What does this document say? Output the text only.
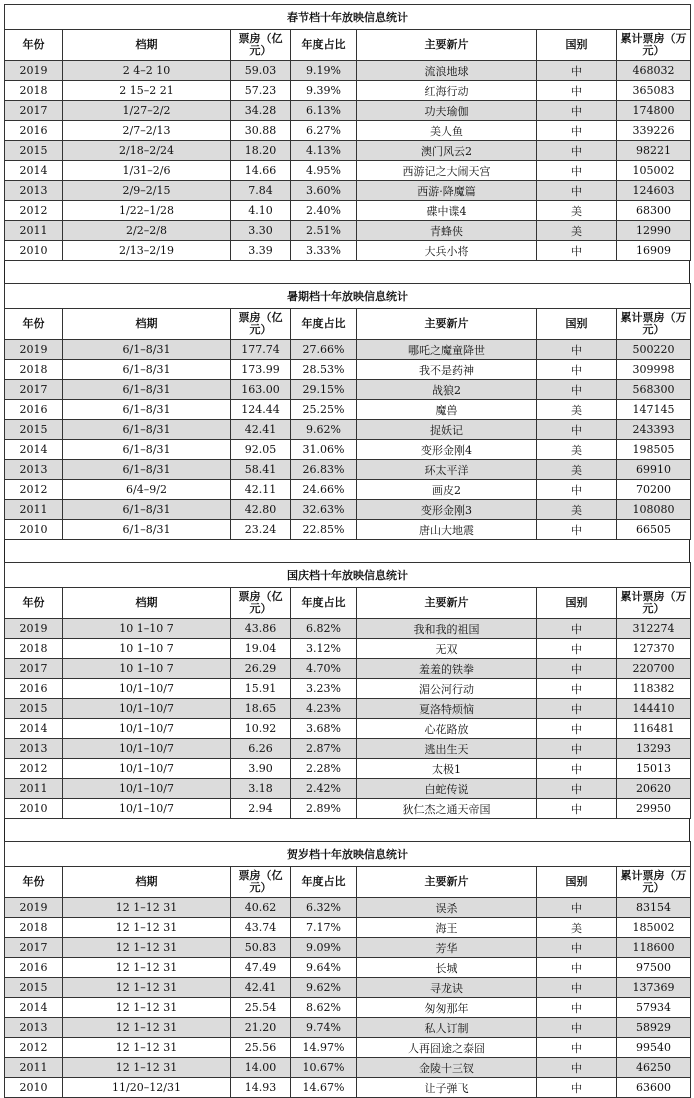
春节档十年放映信息统计						
年份	档期	票房（亿元）	年度占比	主要新片	国别	累计票房（万元）
2019	2 4–2 10	59.03	9.19%	流浪地球	中	468032
2018	2 15–2 21	57.23	9.39%	红海行动	中	365083
2017	1/27–2/2	34.28	6.13%	功夫瑜伽	中	174800
2016	2/7–2/13	30.88	6.27%	美人鱼	中	339226
2015	2/18–2/24	18.20	4.13%	澳门风云2	中	98221
2014	1/31–2/6	14.66	4.95%	西游记之大闹天宫	中	105002
2013	2/9–2/15	7.84	3.60%	西游·降魔篇	中	124603
2012	1/22–1/28	4.10	2.40%	碟中谍4	美	68300
2011	2/2–2/8	3.30	2.51%	青蜂侠	美	12990
2010	2/13–2/19	3.39	3.33%	大兵小将	中	16909
暑期档十年放映信息统计						
年份	档期	票房（亿元）	年度占比	主要新片	国别	累计票房（万元）
2019	6/1–8/31	177.74	27.66%	哪吒之魔童降世	中	500220
2018	6/1–8/31	173.99	28.53%	我不是药神	中	309998
2017	6/1–8/31	163.00	29.15%	战狼2	中	568300
2016	6/1–8/31	124.44	25.25%	魔兽	美	147145
2015	6/1–8/31	42.41	9.62%	捉妖记	中	243393
2014	6/1–8/31	92.05	31.06%	变形金刚4	美	198505
2013	6/1–8/31	58.41	26.83%	环太平洋	美	69910
2012	6/4–9/2	42.11	24.66%	画皮2	中	70200
2011	6/1–8/31	42.80	32.63%	变形金刚3	美	108080
2010	6/1–8/31	23.24	22.85%	唐山大地震	中	66505
国庆档十年放映信息统计						
年份	档期	票房（亿元）	年度占比	主要新片	国别	累计票房（万元）
2019	10 1–10 7	43.86	6.82%	我和我的祖国	中	312274
2018	10 1–10 7	19.04	3.12%	无双	中	127370
2017	10 1–10 7	26.29	4.70%	羞羞的铁拳	中	220700
2016	10/1–10/7	15.91	3.23%	湄公河行动	中	118382
2015	10/1–10/7	18.65	4.23%	夏洛特烦恼	中	144410
2014	10/1–10/7	10.92	3.68%	心花路放	中	116481
2013	10/1–10/7	6.26	2.87%	逃出生天	中	13293
2012	10/1–10/7	3.90	2.28%	太极1	中	15013
2011	10/1–10/7	3.18	2.42%	白蛇传说	中	20620
2010	10/1–10/7	2.94	2.89%	狄仁杰之通天帝国	中	29950
贺岁档十年放映信息统计						
年份	档期	票房（亿元）	年度占比	主要新片	国别	累计票房（万元）
2019	12 1–12 31	40.62	6.32%	误杀	中	83154
2018	12 1–12 31	43.74	7.17%	海王	美	185002
2017	12 1–12 31	50.83	9.09%	芳华	中	118600
2016	12 1–12 31	47.49	9.64%	长城	中	97500
2015	12 1–12 31	42.41	9.62%	寻龙诀	中	137369
2014	12 1–12 31	25.54	8.62%	匆匆那年	中	57934
2013	12 1–12 31	21.20	9.74%	私人订制	中	58929
2012	12 1–12 31	25.56	14.97%	人再囧途之泰囧	中	99540
2011	12 1–12 31	14.00	10.67%	金陵十三钗	中	46250
2010	11/20–12/31	14.93	14.67%	让子弹飞	中	63600
